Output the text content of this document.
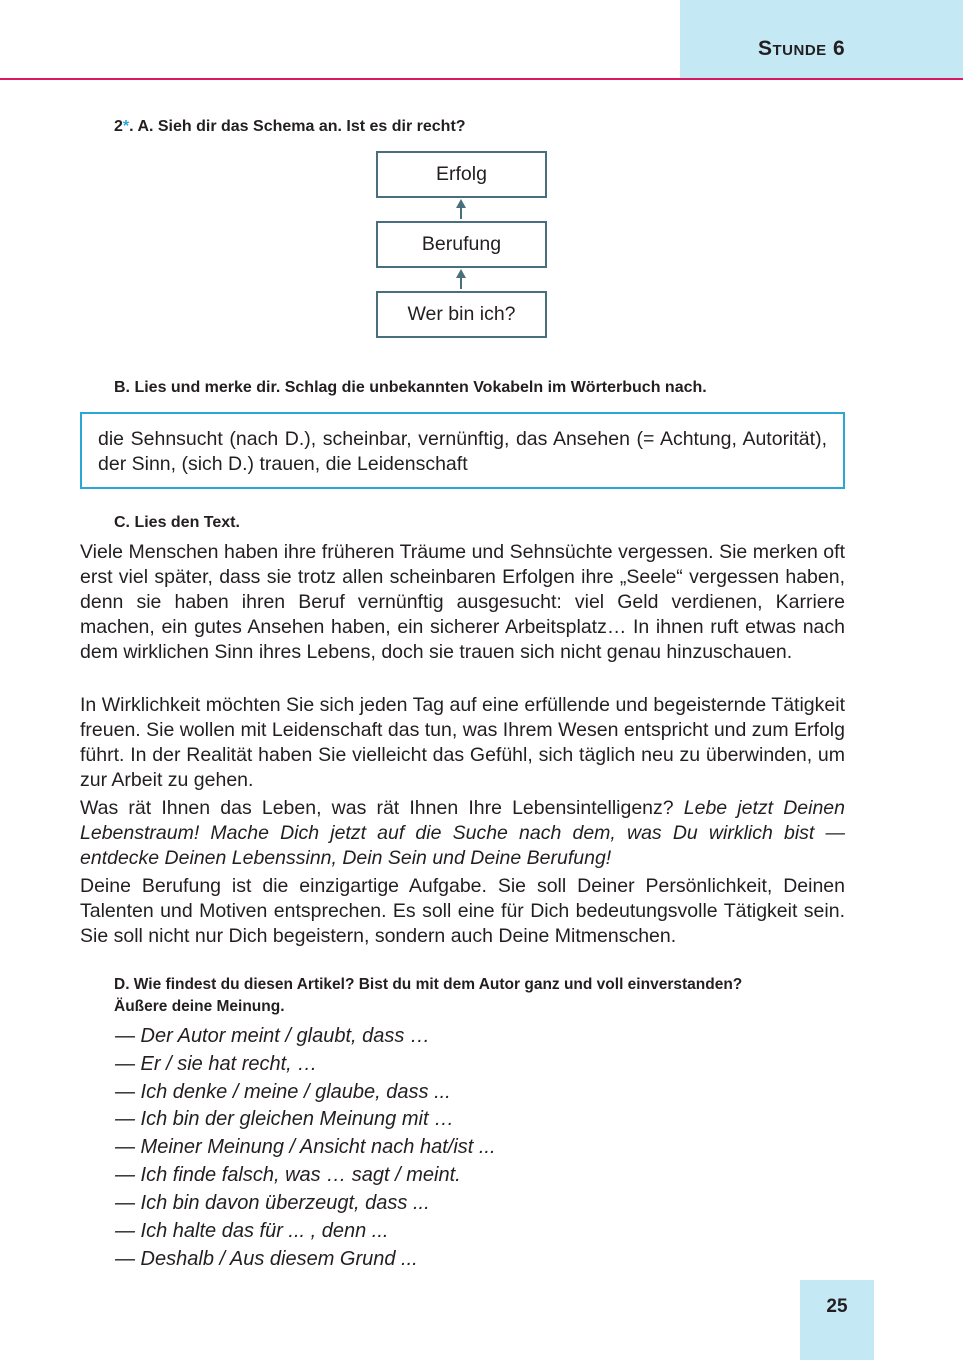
Stunde 6
2*. A. Sieh dir das Schema an. Ist es dir recht?
Erfolg
Berufung
Wer bin ich?
B. Lies und merke dir. Schlag die unbekannten Vokabeln im Wörterbuch nach.
die Sehnsucht (nach D.), scheinbar, vernünftig, das Ansehen (= Achtung, Autorität), der Sinn, (sich D.) trauen, die Leidenschaft
C. Lies den Text.

Viele Menschen haben ihre früheren Träume und Sehnsüchte vergessen. Sie merken oft erst viel später, dass sie trotz allen scheinbaren Erfolgen ihre „Seele“ vergessen haben, denn sie haben ihren Beruf vernünftig ausgesucht: viel Geld verdienen, Karriere machen, ein gutes Ansehen haben, ein sicherer Arbeitsplatz… In ihnen ruft etwas nach dem wirklichen Sinn ihres Lebens, doch sie trauen sich nicht genau hinzuschauen.

In Wirklichkeit möchten Sie sich jeden Tag auf eine erfüllende und begeisternde Tätigkeit freuen. Sie wollen mit Leidenschaft das tun, was Ihrem Wesen entspricht und zum Erfolg führt. In der Realität haben Sie vielleicht das Gefühl, sich täglich neu zu überwinden, um zur Arbeit zu gehen.

Was rät Ihnen das Leben, was rät Ihnen Ihre Lebensintelligenz? Lebe jetzt Deinen Lebenstraum! Mache Dich jetzt auf die Suche nach dem, was Du wirklich bist — entdecke Deinen Lebenssinn, Dein Sein und Deine Berufung!

Deine Berufung ist die einzigartige Aufgabe. Sie soll Deiner Persönlichkeit, Deinen Talenten und Motiven entsprechen. Es soll eine für Dich bedeutungsvolle Tätigkeit sein. Sie soll nicht nur Dich begeistern, sondern auch Deine Mitmenschen.

D. Wie findest du diesen Artikel? Bist du mit dem Autor ganz und voll einverstanden?
Äußere deine Meinung.
— Der Autor meint / glaubt, dass …
— Er / sie hat recht, …
— Ich denke / meine / glaube, dass ...
— Ich bin der gleichen Meinung mit …
— Meiner Meinung / Ansicht nach hat/ist ...
— Ich finde falsch, was … sagt / meint.
— Ich bin davon überzeugt, dass ...
— Ich halte das für ... , denn ...
— Deshalb / Aus diesem Grund ...
25
